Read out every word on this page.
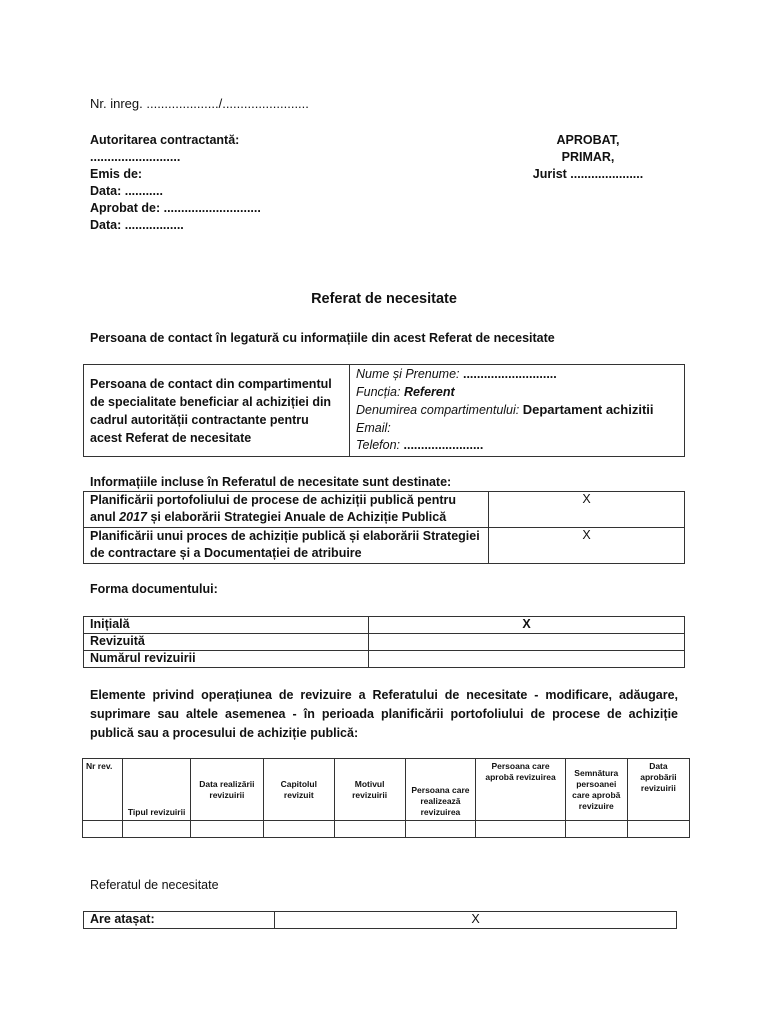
Nr. inreg. ..................../........................
Autoritarea contractantă:
..........................
Emis de:
Data: ...........
Aprobat de: ............................
Data: .................
APROBAT,
PRIMAR,
Jurist .....................
Referat de necesitate
Persoana de contact în legatură cu informațiile din acest Referat de necesitate
Persoana de contact din compartimentul de specialitate beneficiar al achiziției din cadrul autorității contractante pentru acest Referat de necesitate	
Nume și Prenume: ...........................
Funcția: Referent
Denumirea compartimentului: Departament achizitii
Email:
Telefon: .......................
Informațiile incluse în Referatul de necesitate sunt destinate:
Planificării portofoliului de procese de achiziții publică pentru anul 2017 și elaborării Strategiei Anuale de Achiziție Publică	X
Planificării unui proces de achiziție publică și elaborării Strategiei de contractare și a Documentației de atribuire	X
Forma documentului:
Inițială	X
Revizuită	
Numărul revizuirii	
Elemente privind operațiunea de revizuire a Referatului de necesitate - modificare, adăugare, suprimare sau altele asemenea - în perioada planificării portofoliului de procese de achiziție publică sau a procesului de achiziție publică:
Nr rev.	Tipul revizuirii	Data realizării revizuirii	Capitolul revizuit	Motivul revizuirii	Persoana care realizează revizuirea	Persoana care aprobă revizuirea	Semnătura persoanei care aprobă revizuire	Data aprobării revizuirii

Referatul de necesitate
Are atașat:	X
